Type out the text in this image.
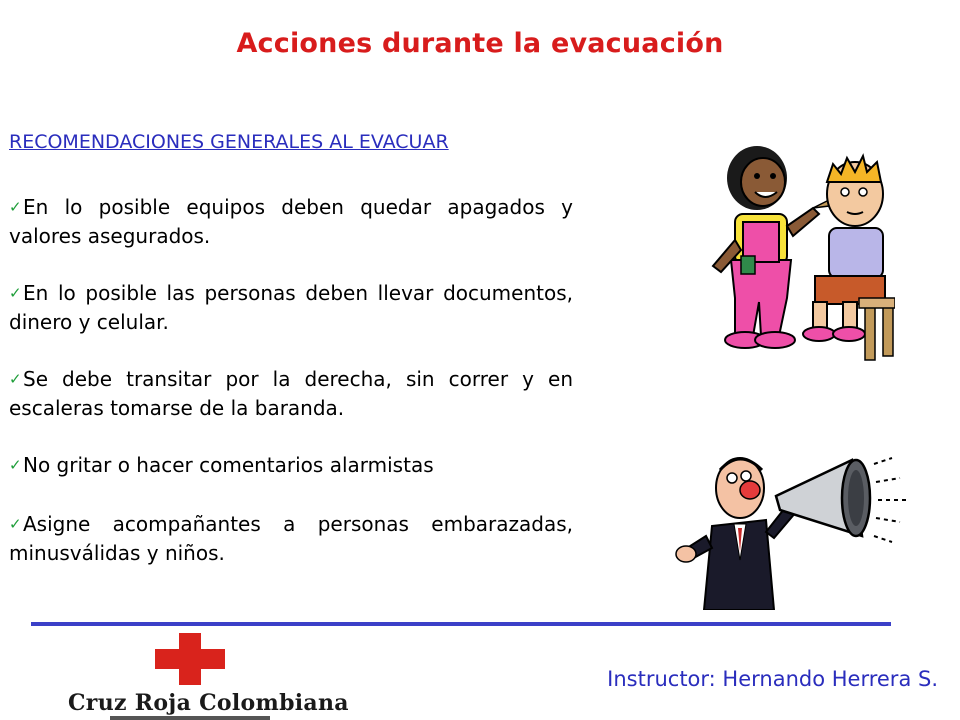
Acciones durante la evacuación
RECOMENDACIONES GENERALES AL EVACUAR
✓En lo posible equipos deben quedar apagados y valores asegurados.
✓En lo posible las personas deben llevar documentos, dinero y celular.
✓Se debe transitar por la derecha, sin correr y en escaleras tomarse de la baranda.
✓No gritar o hacer comentarios alarmistas
✓Asigne acompañantes a personas embarazadas, minusválidas y niños.
Instructor: Hernando Herrera S.
Cruz Roja Colombiana
